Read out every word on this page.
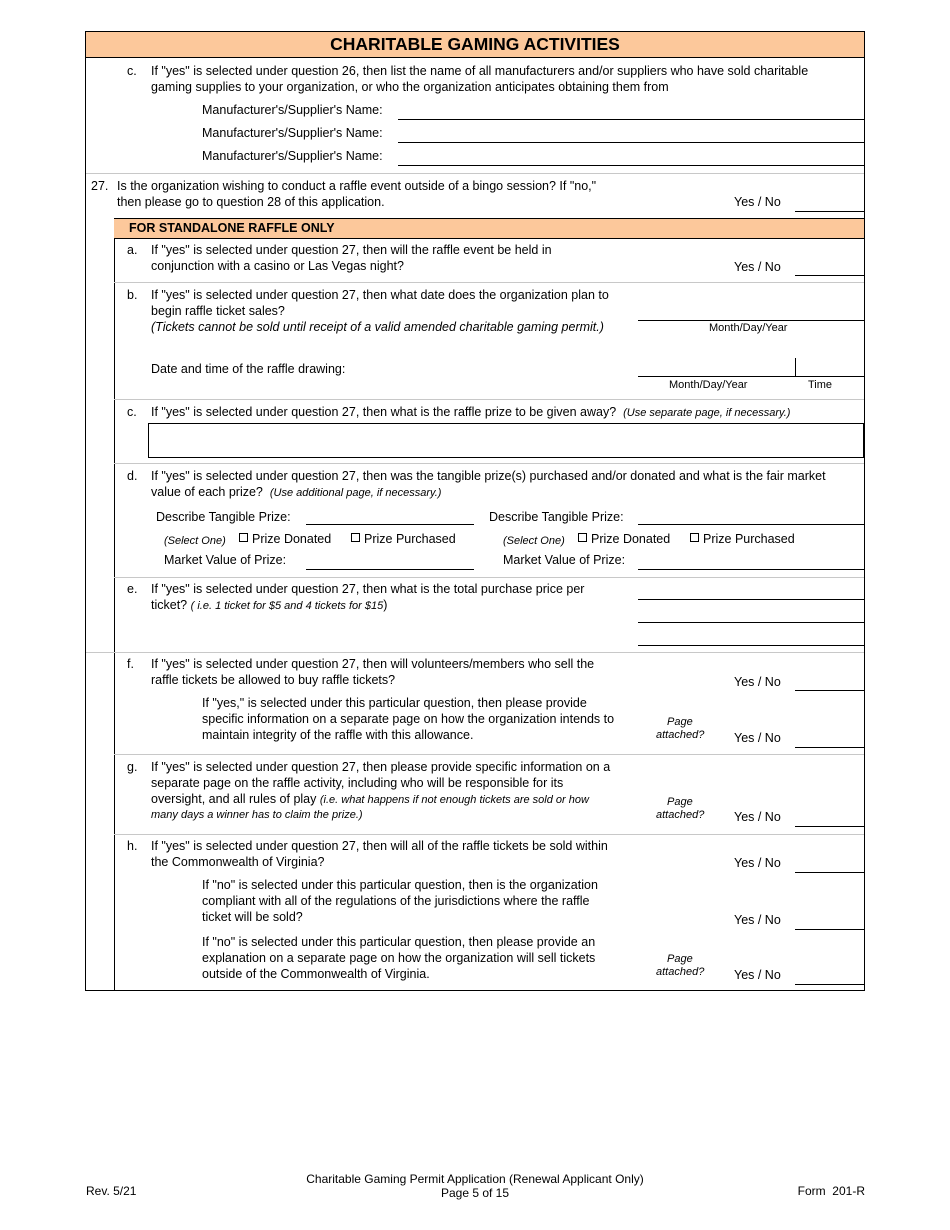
CHARITABLE GAMING ACTIVITIES
c. If "yes" is selected under question 26, then list the name of all manufacturers and/or suppliers who have sold charitable
gaming supplies to your organization, or who the organization anticipates obtaining them from
Manufacturer's/Supplier's Name:
Manufacturer's/Supplier's Name:
Manufacturer's/Supplier's Name:
27. Is the organization wishing to conduct a raffle event outside of a bingo session? If "no,"
then please go to question 28 of this application.	Yes / No
FOR STANDALONE RAFFLE ONLY
a. If "yes" is selected under question 27, then will the raffle event be held in
conjunction with a casino or Las Vegas night?	Yes / No
b. If "yes" is selected under question 27, then what date does the organization plan to
begin raffle ticket sales?
(Tickets cannot be sold until receipt of a valid amended charitable gaming permit.)	Month/Day/Year
Date and time of the raffle drawing:
Month/Day/Year	Time
c. If "yes" is selected under question 27, then what is the raffle prize to be given away? (Use separate page, if necessary.)
d. If "yes" is selected under question 27, then was the tangible prize(s) purchased and/or donated and what is the fair market
value of each prize? (Use additional page, if necessary.)
Describe Tangible Prize:	Describe Tangible Prize:
(Select One)	Prize Donated	Prize Purchased	(Select One)	Prize Donated	Prize Purchased
Market Value of Prize:	Market Value of Prize:
e. If "yes" is selected under question 27, then what is the total purchase price per
ticket? ( i.e. 1 ticket for $5 and 4 tickets for $15)
f. If "yes" is selected under question 27, then will volunteers/members who sell the
raffle tickets be allowed to buy raffle tickets?	Yes / No
If "yes," is selected under this particular question, then please provide
specific information on a separate page on how the organization intends to
maintain integrity of the raffle with this allowance.
Page
attached? Yes / No
g. If "yes" is selected under question 27, then please provide specific information on a
separate page on the raffle activity, including who will be responsible for its
oversight, and all rules of play (i.e. what happens if not enough tickets are sold or how
many days a winner has to claim the prize.)
Page
attached? Yes / No
h. If "yes" is selected under question 27, then will all of the raffle tickets be sold within
the Commonwealth of Virginia?	Yes / No
If "no" is selected under this particular question, then is the organization
compliant with all of the regulations of the jurisdictions where the raffle
ticket will be sold?	Yes / No
If "no" is selected under this particular question, then please provide an
explanation on a separate page on how the organization will sell tickets
outside of the Commonwealth of Virginia.
Page
attached? Yes / No
Rev. 5/21
Charitable Gaming Permit Application (Renewal Applicant Only)
Page 5 of 15	Form  201-R
